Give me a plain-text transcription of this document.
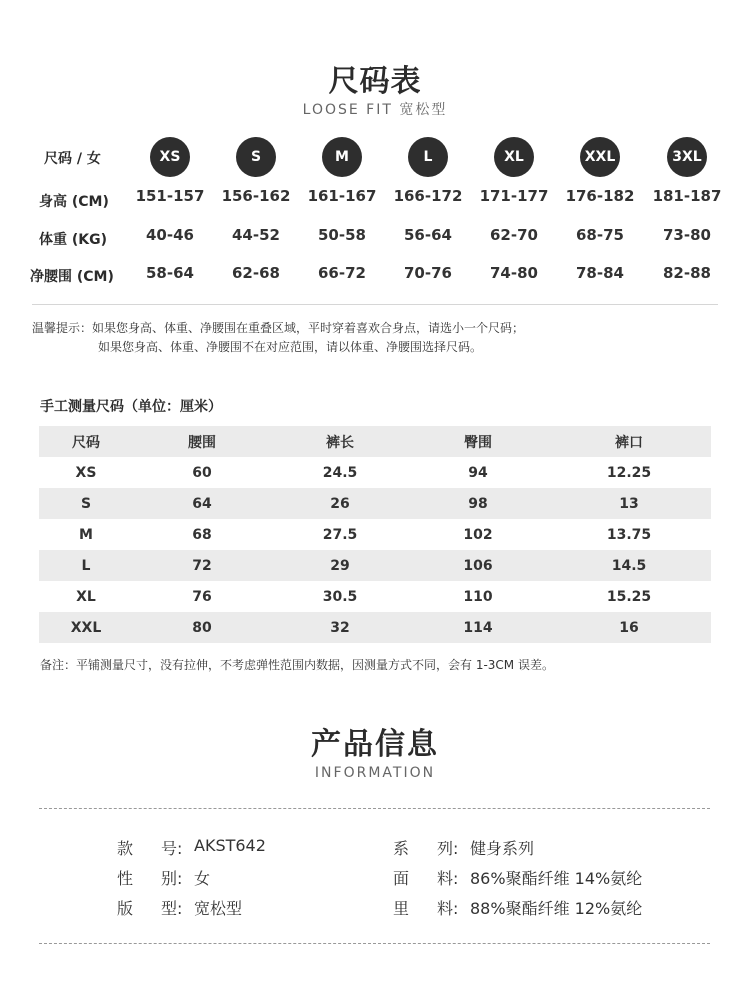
尺码表
LOOSE FIT 宽松型
尺码 / 女	XS	S	M	L	XL	XXL	3XL
身高 (CM)	151-157	156-162	161-167	166-172	171-177	176-182	181-187
体重 (KG)	40-46	44-52	50-58	56-64	62-70	68-75	73-80
净腰围 (CM)	58-64	62-68	66-72	70-76	74-80	78-84	82-88
温馨提示：如果您身高、体重、净腰围在重叠区域，平时穿着喜欢合身点，请选小一个尺码；
如果您身高、体重、净腰围不在对应范围，请以体重、净腰围选择尺码。
手工测量尺码（单位：厘米）
尺码	腰围	裤长	臀围	裤口
XS	60	24.5	94	12.25
S	64	26	98	13
M	68	27.5	102	13.75
L	72	29	106	14.5
XL	76	30.5	110	15.25
XXL	80	32	114	16
备注：平铺测量尺寸，没有拉伸，不考虑弹性范围内数据，因测量方式不同，会有 1-3CM 误差。
产品信息
INFORMATION
款 号: AKST642	系 列: 健身系列
性 别: 女	面 料: 86%聚酯纤维 14%氨纶
版 型: 宽松型	里 料: 88%聚酯纤维 12%氨纶
